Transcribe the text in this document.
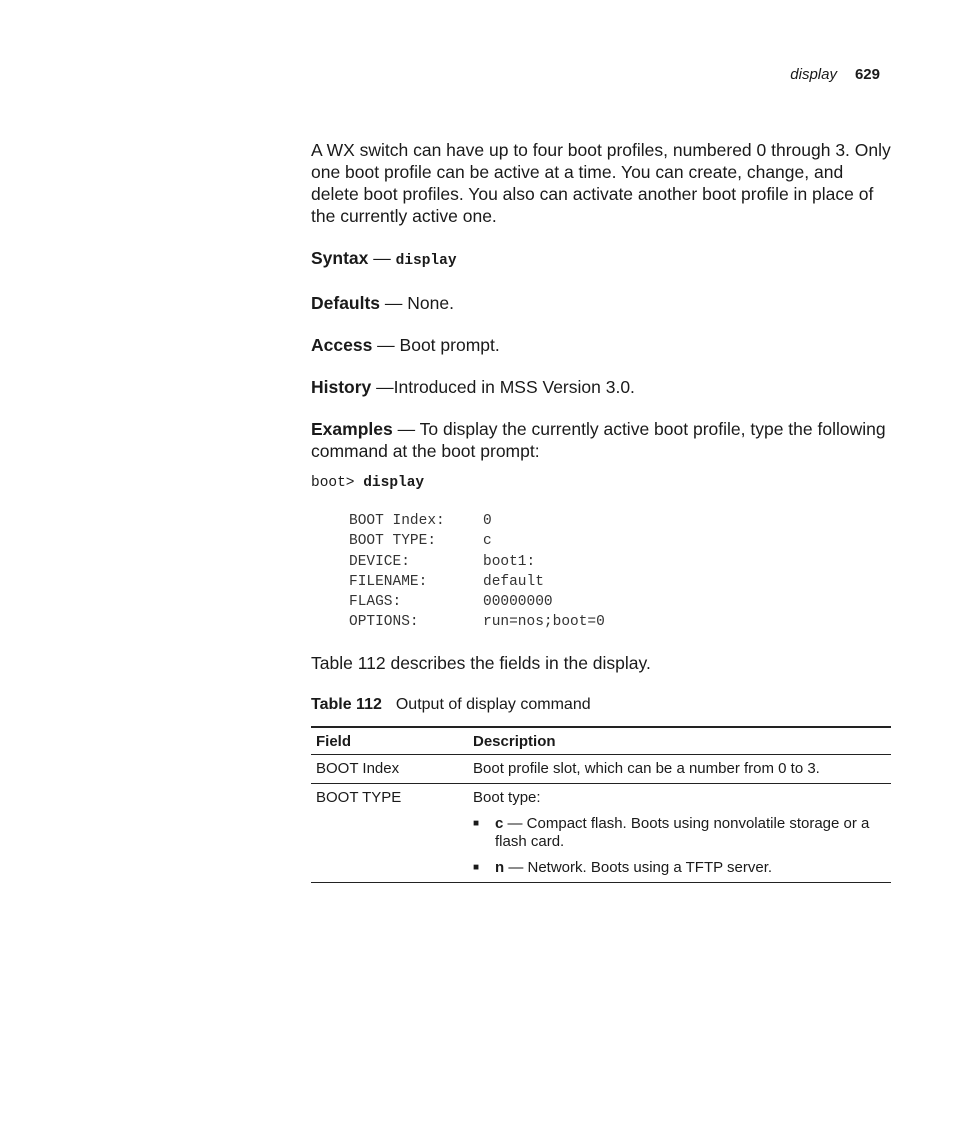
display 629

A WX switch can have up to four boot profiles, numbered 0 through 3. Only one boot profile can be active at a time. You can create, change, and delete boot profiles. You also can activate another boot profile in place of the currently active one.

Syntax — display

Defaults — None.

Access — Boot prompt.

History —Introduced in MSS Version 3.0.

Examples — To display the currently active boot profile, type the following command at the boot prompt:

boot> display
BOOT Index:	0
BOOT TYPE:	c
DEVICE:	boot1:
FILENAME:	default
FLAGS:	00000000
OPTIONS:	run=nos;boot=0

Table 112 describes the fields in the display.

Table 112 Output of display command
Field	Description
BOOT Index	Boot profile slot, which can be a number from 0 to 3.
BOOT TYPE	Boot type:
■ c — Compact flash. Boots using nonvolatile storage or a flash card.
■ n — Network. Boots using a TFTP server.
